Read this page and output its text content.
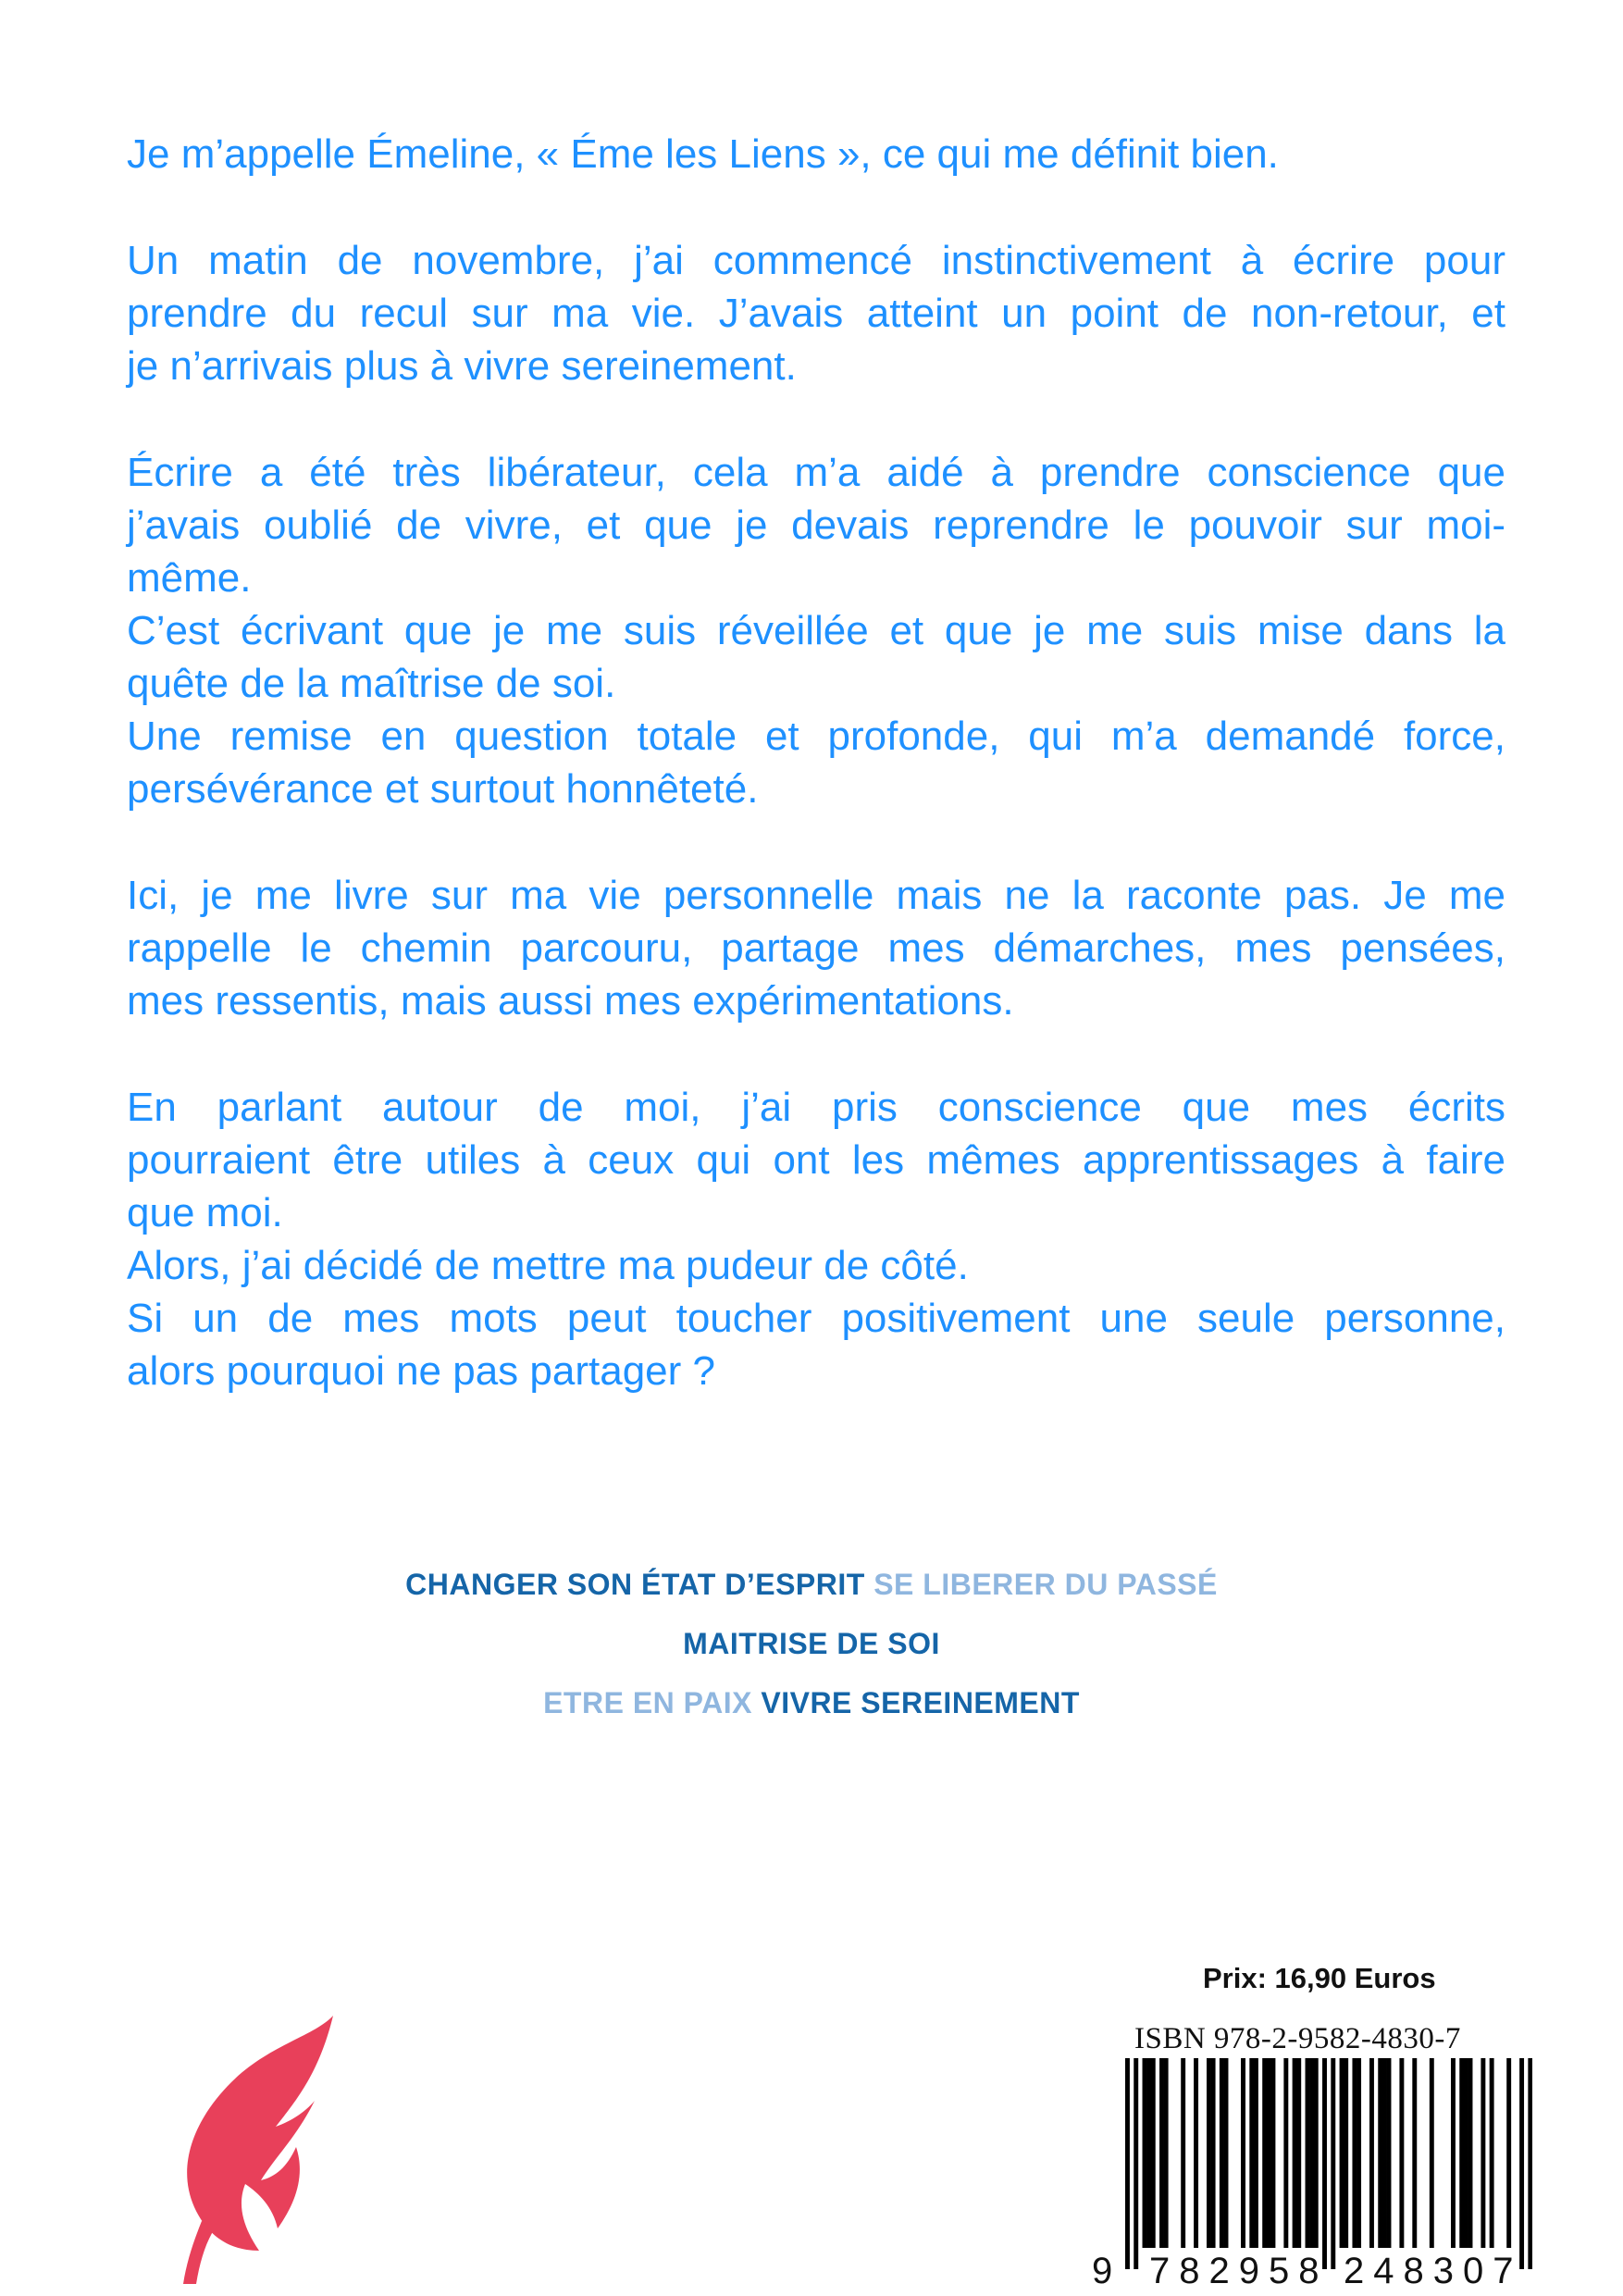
Je m’appelle Émeline, « Éme les Liens », ce qui me définit bien.

Un matin de novembre, j’ai commencé instinctivement à écrire pour
prendre du recul sur ma vie. J’avais atteint un point de non-retour, et
je n’arrivais plus à vivre sereinement.

Écrire a été très libérateur, cela m’a aidé à prendre conscience que
j’avais oublié de vivre, et que je devais reprendre le pouvoir sur moi-
même.
C’est écrivant que je me suis réveillée et que je me suis mise dans la
quête de la maîtrise de soi.
Une remise en question totale et profonde, qui m’a demandé force,
persévérance et surtout honnêteté.

Ici, je me livre sur ma vie personnelle mais ne la raconte pas. Je me
rappelle le chemin parcouru, partage mes démarches, mes pensées,
mes ressentis, mais aussi mes expérimentations.

En parlant autour de moi, j’ai pris conscience que mes écrits
pourraient être utiles à ceux qui ont les mêmes apprentissages à faire
que moi.
Alors, j’ai décidé de mettre ma pudeur de côté.
Si un de mes mots peut toucher positivement une seule personne,
alors pourquoi ne pas partager ?

CHANGER SON ÉTAT D’ESPRIT SE LIBERER DU PASSÉ
MAITRISE DE SOI
ETRE EN PAIX VIVRE SEREINEMENT
Prix: 16,90 Euros
ISBN 978-2-9582-4830-7
9 782958 248307
